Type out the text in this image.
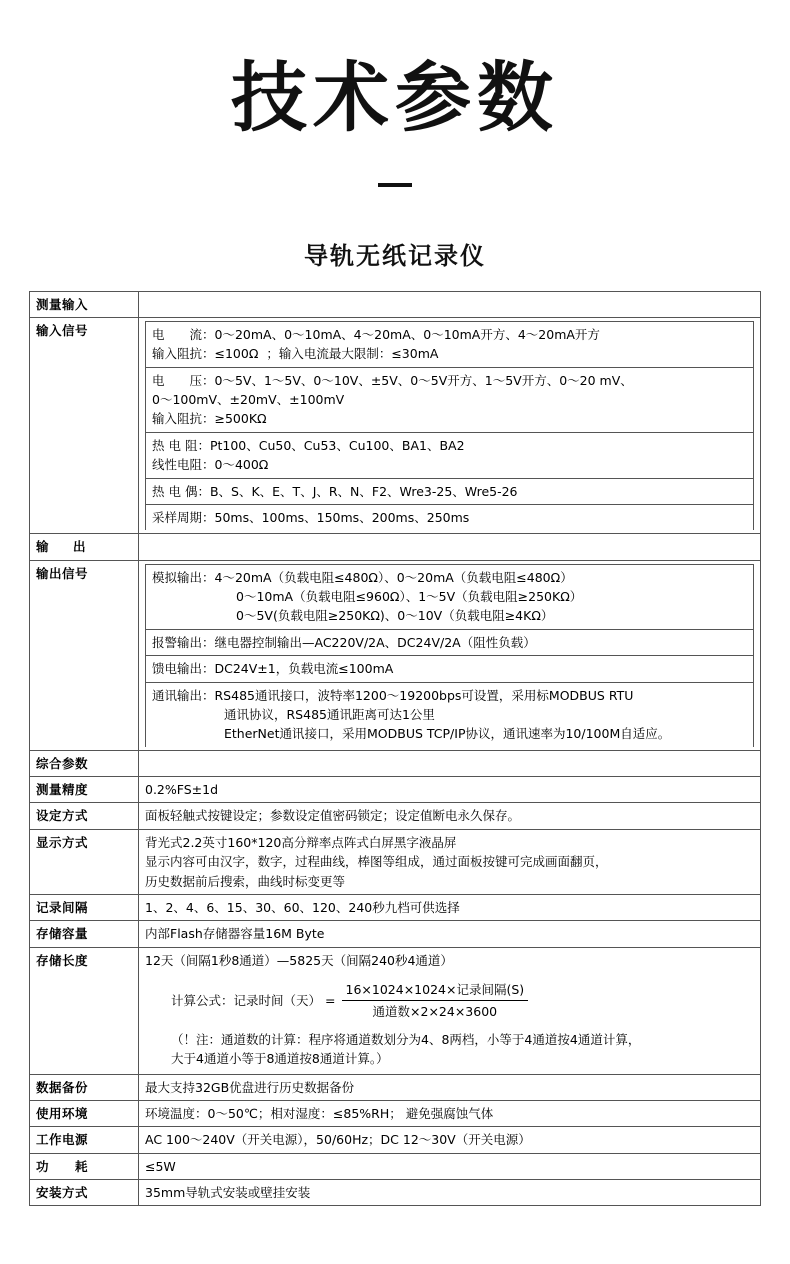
技术参数
导轨无纸记录仪
测量输入	
输入信号		电　　流：0～20mA、0～10mA、4～20mA、0～10mA开方、4～20mA开方
输入阻抗：≤100Ω  ；输入电流最大限制：≤30mA

电　　压：0～5V、1～5V、0～10V、±5V、0～5V开方、1～5V开方、0～20 mV、
0～100mV、±20mV、±100mV
输入阻抗：≥500KΩ

热 电 阻：Pt100、Cu50、Cu53、Cu100、BA1、BA2
线性电阻：0～400Ω

热 电 偶：B、S、K、E、T、J、R、N、F2、Wre3-25、Wre5-26

采样周期：50ms、100ms、150ms、200ms、250ms

输　出	
输出信号		模拟输出：4～20mA（负载电阻≤480Ω）、0～20mA（负载电阻≤480Ω）
0～10mA（负载电阻≤960Ω）、1～5V（负载电阻≥250KΩ）
0～5V(负载电阻≥250KΩ)、0～10V（负载电阻≥4KΩ）

报警输出：继电器控制输出—AC220V/2A、DC24V/2A（阻性负载）

馈电输出：DC24V±1，负载电流≤100mA

通讯输出：RS485通讯接口，波特率1200～19200bps可设置，采用标MODBUS RTU
通讯协议，RS485通讯距离可达1公里
EtherNet通讯接口，采用MODBUS TCP/IP协议，通讯速率为10/100M自适应。

综合参数	
测量精度	0.2%FS±1d
设定方式	面板轻触式按键设定；参数设定值密码锁定；设定值断电永久保存。
显示方式	背光式2.2英寸160*120高分辩率点阵式白屏黑字液晶屏
显示内容可由汉字，数字，过程曲线，棒图等组成，通过面板按键可完成画面翻页，
历史数据前后搜索，曲线时标变更等

记录间隔	1、2、4、6、15、30、60、120、240秒九档可供选择
存储容量	内部Flash存储器容量16M Byte
存储长度	12天（间隔1秒8通道）—5825天（间隔240秒4通道）
计算公式：记录时间（天） = $\frac{\text{16×1024×1024×记录间隔(S)}}{\text{通道数×2×24×3600}}$
（！注：通道数的计算：程序将通道数划分为4、8两档，小等于4通道按4通道计算，
大于4通道小等于8通道按8通道计算。）

数据备份	最大支持32GB优盘进行历史数据备份
使用环境	环境温度：0～50℃；相对湿度：≤85%RH； 避免强腐蚀气体
工作电源	AC 100～240V（开关电源），50/60Hz；DC 12～30V（开关电源）
功　　耗	≤5W
安装方式	35mm导轨式安装或壁挂安装
